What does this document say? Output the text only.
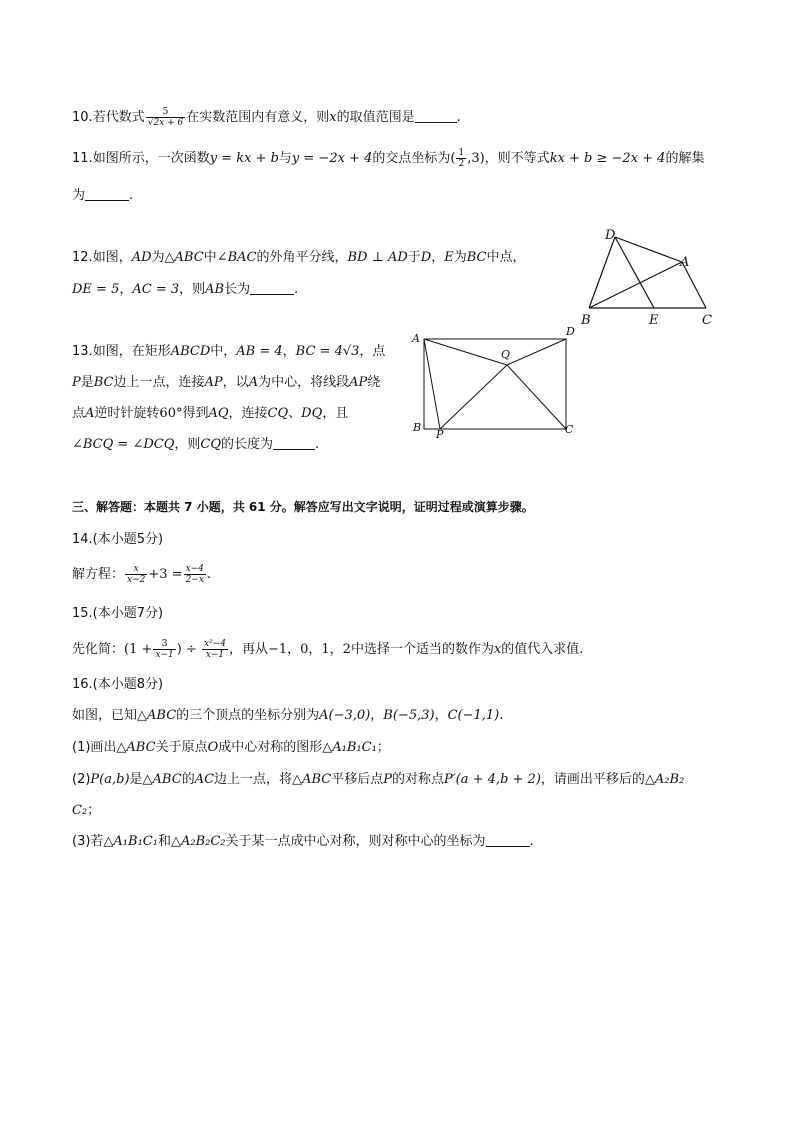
10.若代数式 $\frac{5}{√2x + 6}$ 在实数范围内有意义，则x的取值范围是	.
11.如图所示，一次函数y = kx + b与y = −2x + 4的交点坐标为( $\frac{1}{2} ,3$)，则不等式kx + b ≥ −2x + 4的解集
为	.
12.如图，AD为△ABC中∠BAC的外角平分线，BD ⊥ AD于D，E为BC中点，
DE = 5，AC = 3，则AB长为	.
D
A
B	E	C
13.如图，在矩形ABCD中，AB = 4，BC = 4√3，点
P是BC边上一点，连接AP，以A为中心，将线段AP绕
点A逆时针旋转60°得到AQ，连接CQ、DQ，且
∠BCQ = ∠DCQ，则CQ的长度为	.
A
D
Q
B
P	C
三、解答题：本题共 7 小题，共 61 分。解答应写出文字说明，证明过程或演算步骤。
14.(本小题5分)
解方程： $\frac{x}{x-2} +3 = \frac{x-4}{2-x}$ .
15.(本小题7分)
先化简：($1 + \frac{3}{x-1}$ ) ÷ $\frac{\text{x²−4}}{x-1}$ ，再从−1，0，1，2中选择一个适当的数作为x的值代入求值.
16.(本小题8分)
如图，已知△ABC的三个顶点的坐标分别为A(−3,0)，B(−5,3)，C(−1,1).
(1)画出△ABC关于原点O成中心对称的图形△A₁B₁C₁；
(2)P(a,b)是△ABC的AC边上一点，将△ABC平移后点P的对称点P′(a + 4,b + 2)，请画出平移后的△A₂B₂
C₂；
(3)若△A₁B₁C₁和△A₂B₂C₂关于某一点成中心对称，则对称中心的坐标为	.
